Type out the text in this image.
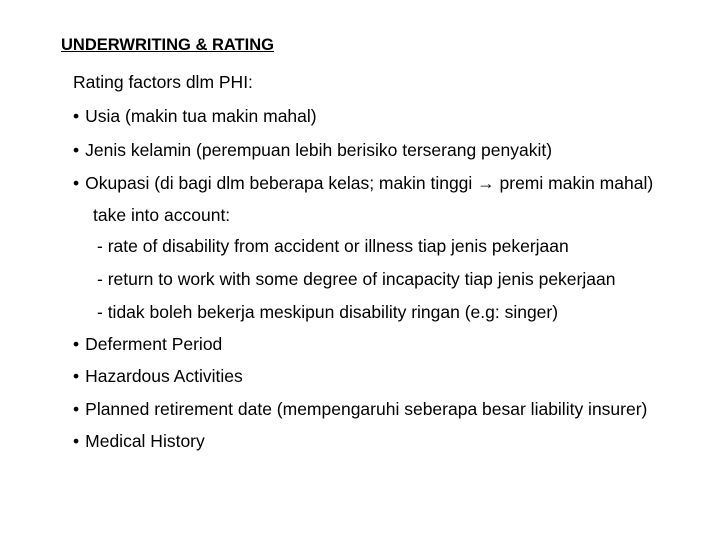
UNDERWRITING & RATING
Rating factors dlm PHI:
• Usia (makin tua makin mahal)
• Jenis kelamin (perempuan lebih berisiko terserang penyakit)
• Okupasi (di bagi dlm beberapa kelas; makin tinggi → premi makin mahal)
take into account:
- rate of disability from accident or illness tiap jenis pekerjaan
- return to work with some degree of incapacity tiap jenis pekerjaan
- tidak boleh bekerja meskipun disability ringan (e.g: singer)
• Deferment Period
• Hazardous Activities
• Planned retirement date (mempengaruhi seberapa besar liability insurer)
• Medical History
